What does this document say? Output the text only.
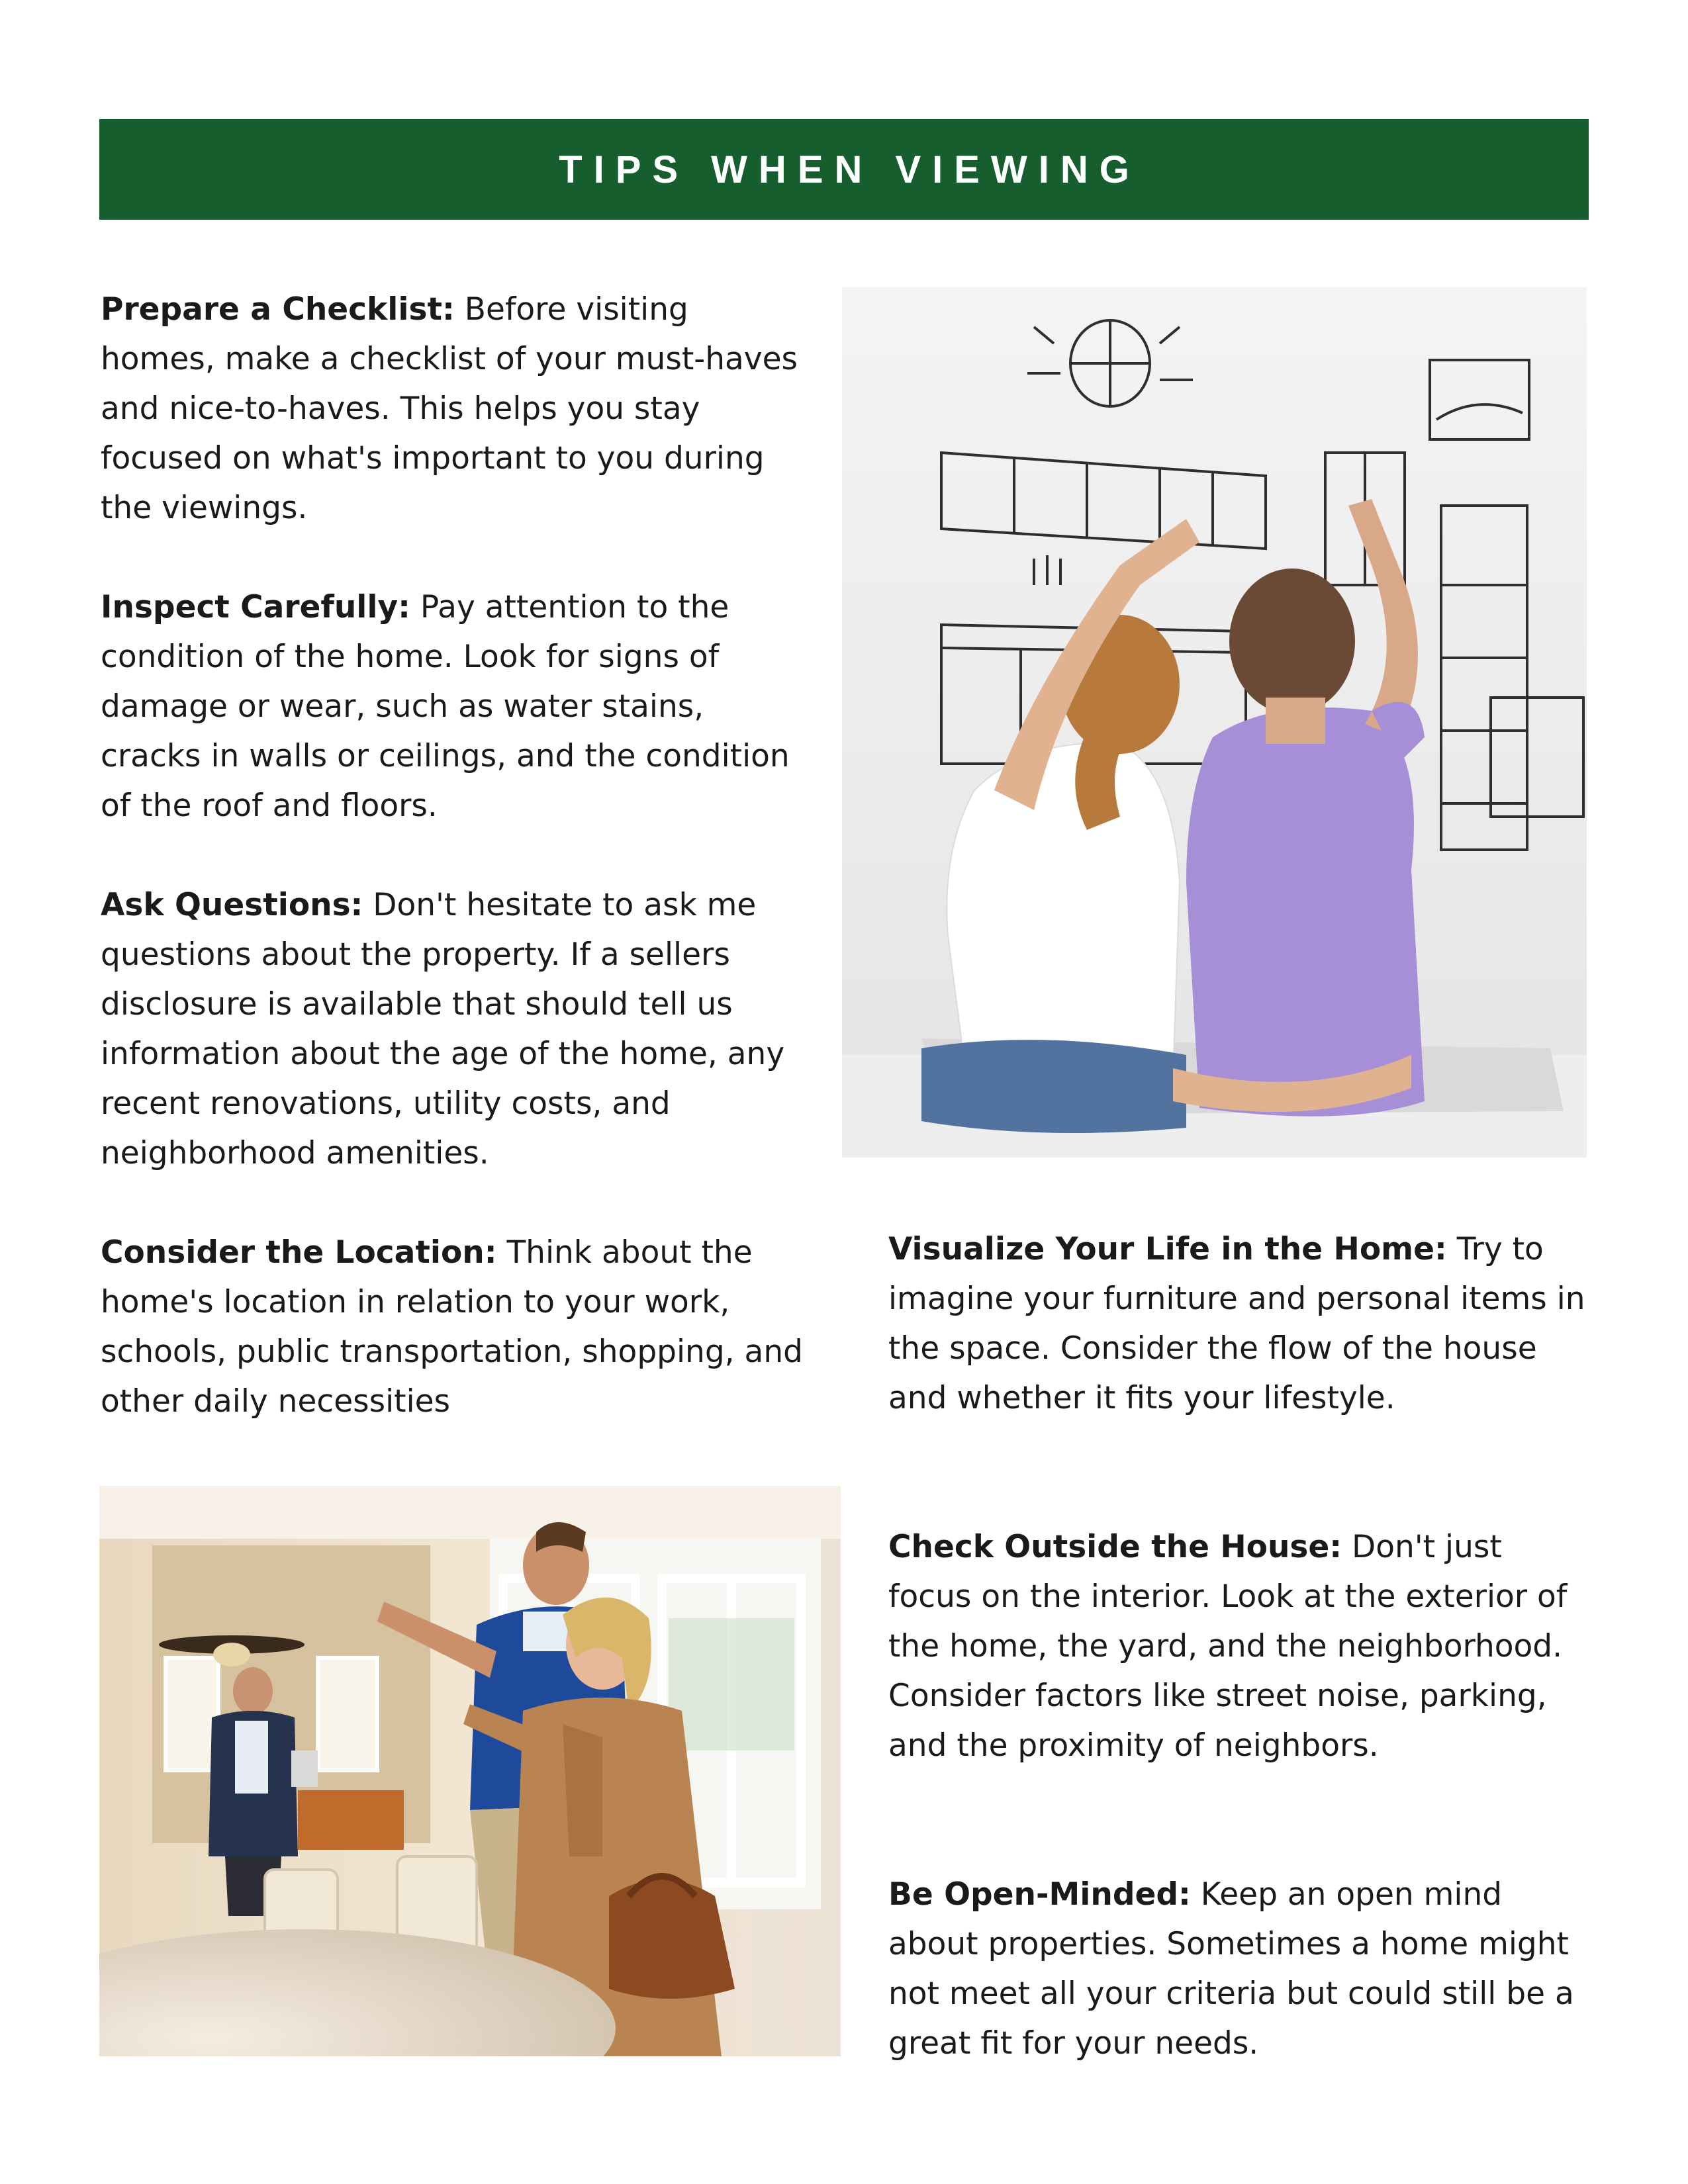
TIPS WHEN VIEWING

Prepare a Checklist: Before visiting homes, make a checklist of your must-haves and nice-to-haves. This helps you stay focused on what's important to you during the viewings.

Inspect Carefully: Pay attention to the condition of the home. Look for signs of damage or wear, such as water stains, cracks in walls or ceilings, and the condition of the roof and floors.

Ask Questions: Don't hesitate to ask me questions about the property. If a sellers disclosure is available that should tell us information about the age of the home, any recent renovations, utility costs, and neighborhood amenities.

Consider the Location: Think about the home's location in relation to your work, schools, public transportation, shopping, and other daily necessities

Visualize Your Life in the Home: Try to imagine your furniture and personal items in the space. Consider the flow of the house and whether it fits your lifestyle.

Check Outside the House: Don't just focus on the interior. Look at the exterior of the home, the yard, and the neighborhood. Consider factors like street noise, parking, and the proximity of neighbors.

Be Open-Minded: Keep an open mind about properties. Sometimes a home might not meet all your criteria but could still be a great fit for your needs.
